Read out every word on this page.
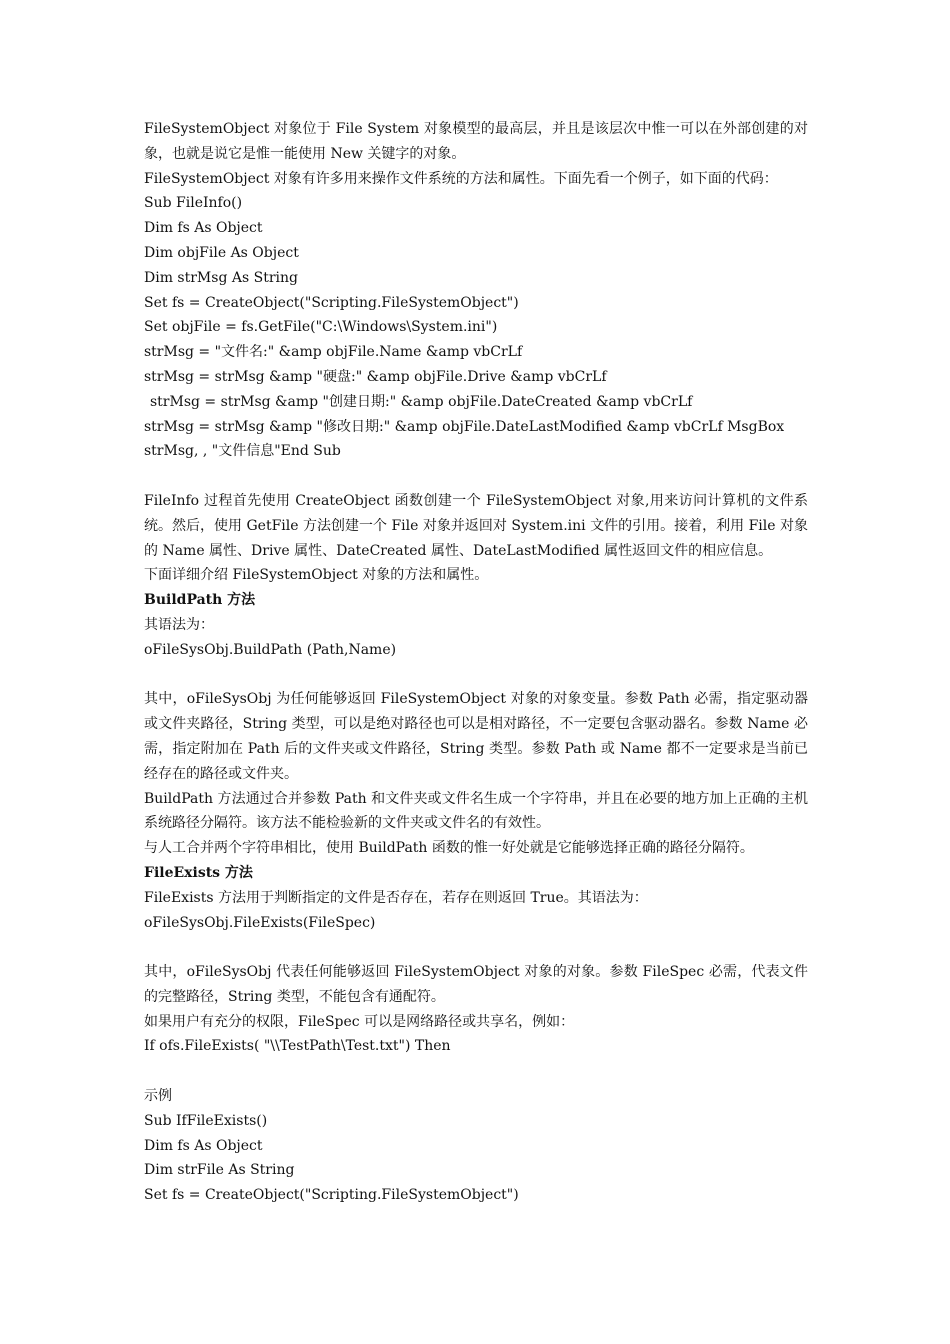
FileSystemObject 对象位于 File System 对象模型的最高层，并且是该层次中惟一可以在外部创建的对象，也就是说它是惟一能使用 New 关键字的对象。
FileSystemObject 对象有许多用来操作文件系统的方法和属性。下面先看一个例子，如下面的代码：
Sub FileInfo()
Dim fs As Object
Dim objFile As Object
Dim strMsg As String
Set fs = CreateObject("Scripting.FileSystemObject")
Set objFile = fs.GetFile("C:\Windows\System.ini")
strMsg = "文件名:" &amp objFile.Name &amp vbCrLf
strMsg = strMsg &amp "硬盘:" &amp objFile.Drive &amp vbCrLf
strMsg = strMsg &amp "创建日期:" &amp objFile.DateCreated &amp vbCrLf
strMsg = strMsg &amp "修改日期:" &amp objFile.DateLastModified &amp vbCrLf MsgBox strMsg, , "文件信息"End Sub
FileInfo 过程首先使用 CreateObject 函数创建一个 FileSystemObject 对象,用来访问计算机的文件系统。然后，使用 GetFile 方法创建一个 File 对象并返回对 System.ini 文件的引用。接着，利用 File 对象的 Name 属性、Drive 属性、DateCreated 属性、DateLastModified 属性返回文件的相应信息。
下面详细介绍 FileSystemObject 对象的方法和属性。
BuildPath 方法
其语法为：
oFileSysObj.BuildPath (Path,Name)
其中，oFileSysObj 为任何能够返回 FileSystemObject 对象的对象变量。参数 Path 必需，指定驱动器或文件夹路径，String 类型，可以是绝对路径也可以是相对路径，不一定要包含驱动器名。参数 Name 必需，指定附加在 Path 后的文件夹或文件路径，String 类型。参数 Path 或 Name 都不一定要求是当前已经存在的路径或文件夹。
BuildPath 方法通过合并参数 Path 和文件夹或文件名生成一个字符串，并且在必要的地方加上正确的主机系统路径分隔符。该方法不能检验新的文件夹或文件名的有效性。
与人工合并两个字符串相比，使用 BuildPath 函数的惟一好处就是它能够选择正确的路径分隔符。
FileExists 方法
FileExists 方法用于判断指定的文件是否存在，若存在则返回 True。其语法为：
oFileSysObj.FileExists(FileSpec)
其中，oFileSysObj 代表任何能够返回 FileSystemObject 对象的对象。参数 FileSpec 必需，代表文件的完整路径，String 类型，不能包含有通配符。
如果用户有充分的权限，FileSpec 可以是网络路径或共享名，例如：
If ofs.FileExists( "\\TestPath\Test.txt") Then
示例
Sub IfFileExists()
Dim fs As Object
Dim strFile As String
Set fs = CreateObject("Scripting.FileSystemObject")
